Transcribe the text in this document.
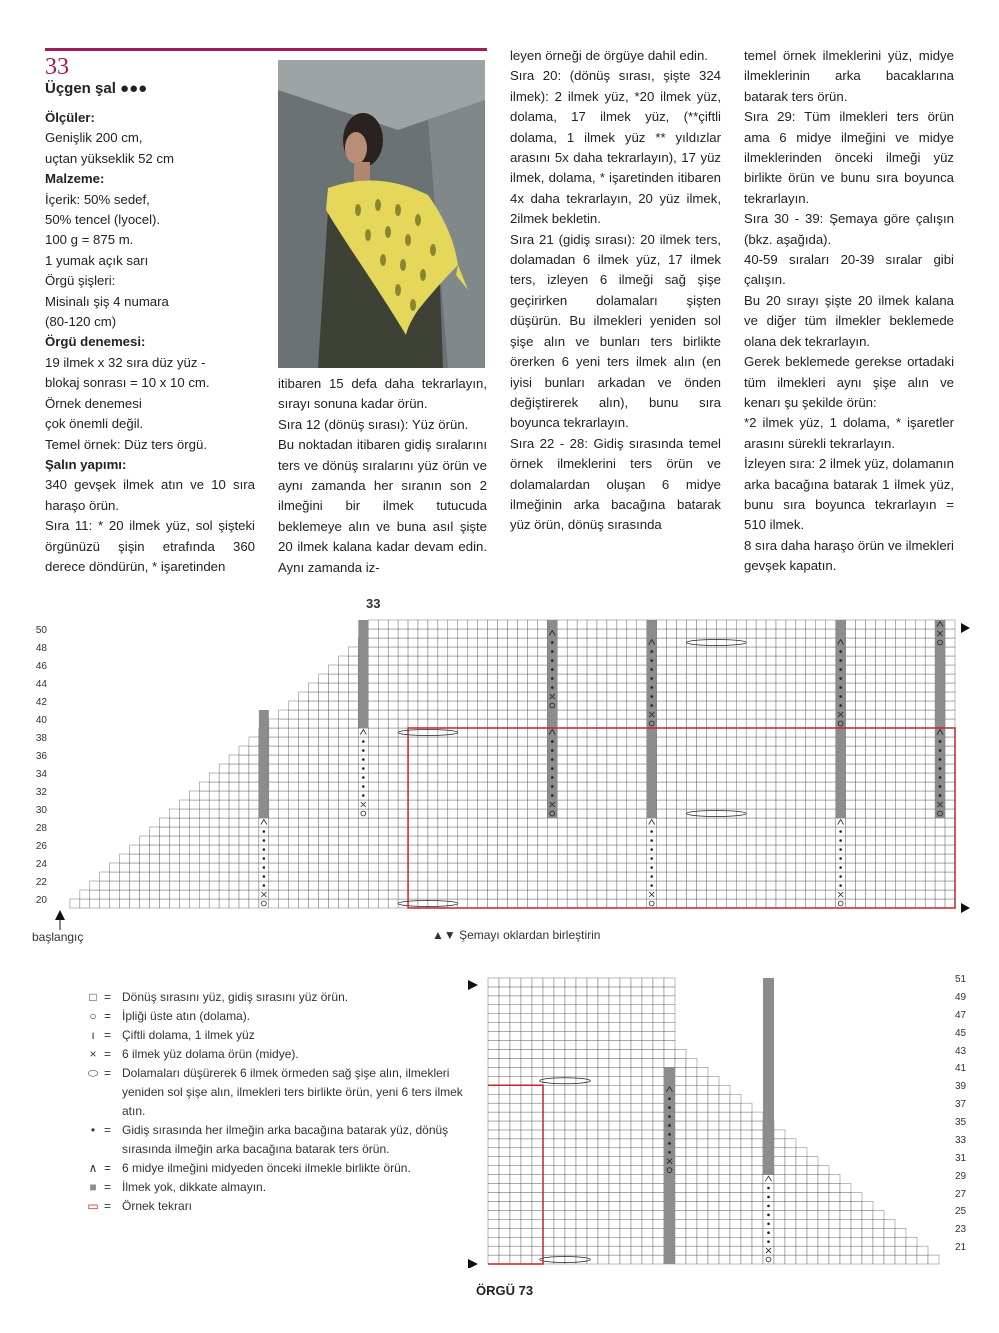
33
Üçgen şal ●●●
Ölçüler:
Genişlik 200 cm,
uçtan yükseklik 52 cm
Malzeme:
İçerik: 50% sedef,
50% tencel (lyocel).
100 g = 875 m.
1 yumak açık sarı
Örgü şişleri:
Misinalı şiş 4 numara
(80-120 cm)
Örgü denemesi:
19 ilmek x 32 sıra düz yüz -
blokaj sonrası = 10 x 10 cm.
Örnek denemesi
çok önemli değil.
Temel örnek: Düz ters örgü.
Şalın yapımı:
340 gevşek ilmek atın ve 10 sıra haraşo örün.
Sıra 11: * 20 ilmek yüz, sol şişteki örgünüzü şişin etrafında 360 derece döndürün, * işaretinden
itibaren 15 defa daha tekrarlayın, sırayı sonuna kadar örün.
Sıra 12 (dönüş sırası): Yüz örün.
Bu noktadan itibaren gidiş sıralarını ters ve dönüş sıralarını yüz örün ve aynı zamanda her sıranın son 2 ilmeğini bir ilmek tutucuda beklemeye alın ve buna asıl şişte 20 ilmek kalana kadar devam edin. Aynı zamanda iz-
leyen örneği de örgüye dahil edin.
Sıra 20: (dönüş sırası, şişte 324 ilmek): 2 ilmek yüz, *20 ilmek yüz, dolama, 17 ilmek yüz, (**çiftli dolama, 1 ilmek yüz ** yıldızlar arasını 5x daha tekrarlayın), 17 yüz ilmek, dolama, * işaretinden itibaren 4x daha tekrarlayın, 20 yüz ilmek, 2ilmek bekletin.
Sıra 21 (gidiş sırası): 20 ilmek ters, dolamadan 6 ilmek yüz, 17 ilmek ters, izleyen 6 ilmeği sağ şişe geçirirken dolamaları şişten düşürün. Bu ilmekleri yeniden sol şişe alın ve bunları ters birlikte örerken 6 yeni ters ilmek alın (en iyisi bunları arkadan ve önden değiştirerek alın), bunu sıra boyunca tekrarlayın.
Sıra 22 - 28: Gidiş sırasında temel örnek ilmeklerini ters örün ve dolamalardan oluşan 6 midye ilmeğinin arka bacağına batarak yüz örün, dönüş sırasında
temel örnek ilmeklerini yüz, midye ilmeklerinin arka bacaklarına batarak ters örün.
Sıra 29: Tüm ilmekleri ters örün ama 6 midye ilmeğini ve midye ilmeklerinden önceki ilmeği yüz birlikte örün ve bunu sıra boyunca tekrarlayın.
Sıra 30 - 39: Şemaya göre çalışın (bkz. aşağıda).
40-59 sıraları 20-39 sıralar gibi çalışın.
Bu 20 sırayı şişte 20 ilmek kalana ve diğer tüm ilmekler beklemede olana dek tekrarlayın.
Gerek beklemede gerekse ortadaki tüm ilmekleri aynı şişe alın ve kenarı şu şekilde örün:
*2 ilmek yüz, 1 dolama, * işaretler arasını sürekli tekrarlayın.
İzleyen sıra: 2 ilmek yüz, dolamanın arka bacağına batarak 1 ilmek yüz, bunu sıra boyunca tekrarlayın = 510 ilmek.
8 sıra daha haraşo örün ve ilmekleri gevşek kapatın.
33
50
48
46
44
42
40
38
36
34
32
30
28
26
24
22
20
başlangıç	▲▼ Şemayı oklardan birleştirin
□ = Dönüş sırasını yüz, gidiş sırasını yüz örün.
○ = İpliği üste atın (dolama).
ı = Çiftli dolama, 1 ilmek yüz
× = 6 ilmek yüz dolama örün (midye).
⬭ = Dolamaları düşürerek 6 ilmek örmeden sağ şişe alın, ilmekleri yeniden sol şişe alın, ilmekleri ters birlikte örün, yeni 6 ters ilmek atın.
• = Gidiş sırasında her ilmeğin arka bacağına batarak yüz, dönüş sırasında ilmeğin arka bacağına batarak ters örün.
∧ = 6 midye ilmeğini midyeden önceki ilmekle birlikte örün.
■ = İlmek yok, dikkate almayın.
▭ = Örnek tekrarı
51
49
47
45
43
41
39
37
35
33
31
29
27
25
23
21
ÖRGÜ 73
